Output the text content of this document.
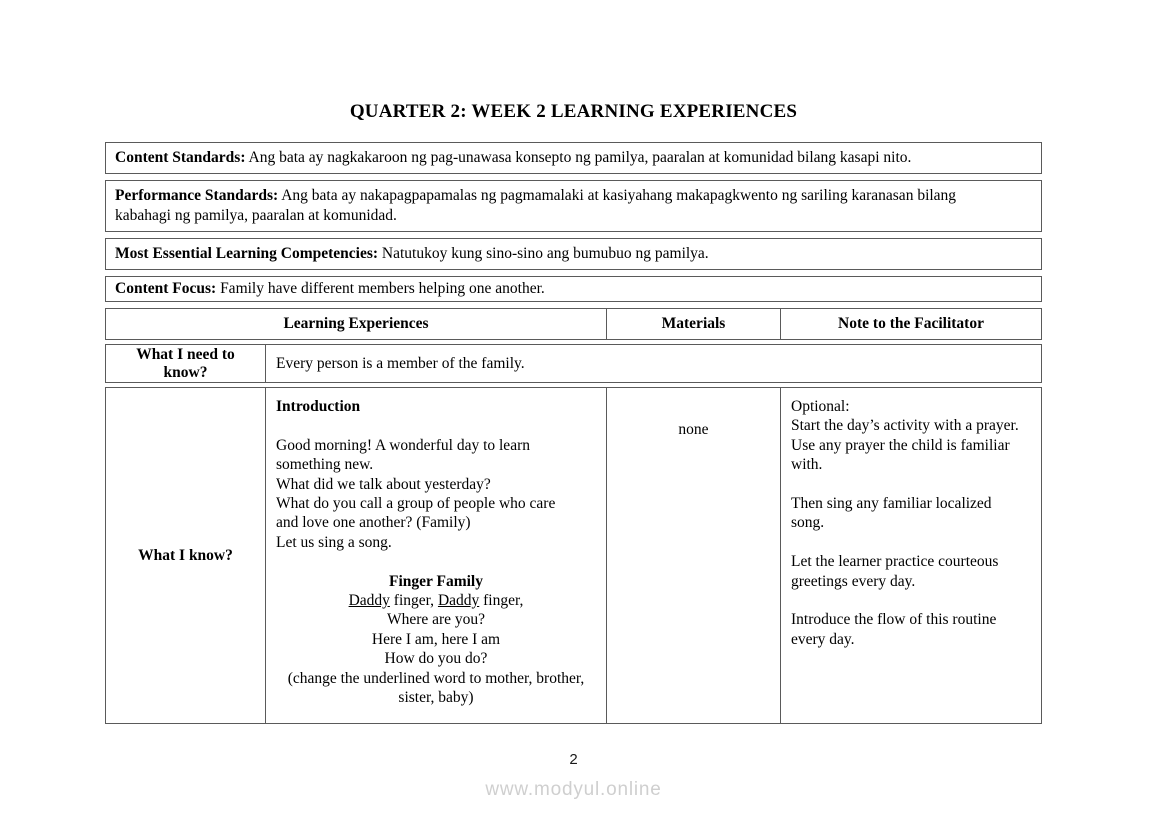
QUARTER 2: WEEK 2 LEARNING EXPERIENCES

Content Standards: Ang bata ay nagkakaroon ng pag-unawasa konsepto ng pamilya, paaralan at komunidad bilang kasapi nito.

Performance Standards: Ang bata ay nakapagpapamalas ng pagmamalaki at kasiyahang makapagkwento ng sariling karanasan bilang

kabahagi ng pamilya, paaralan at komunidad.

Most Essential Learning Competencies: Natutukoy kung sino-sino ang bumubuo ng pamilya.

Content Focus: Family have different members helping one another.

Learning Experiences	Materials	Note to the Facilitator
What I need to know?
Every person is a member of the family.
What I know?
Introduction

Good morning! A wonderful day to learn
something new.
What did we talk about yesterday?
What do you call a group of people who care
and love one another? (Family)
Let us sing a song.

Finger Family
Daddy finger, Daddy finger,
Where are you?
Here I am, here I am
How do you do?
(change the underlined word to mother, brother,
sister, baby)
none
Optional:
Start the day’s activity with a prayer.
Use any prayer the child is familiar
with.

Then sing any familiar localized
song.

Let the learner practice courteous
greetings every day.

Introduce the flow of this routine
every day.
2
www.modyul.online
